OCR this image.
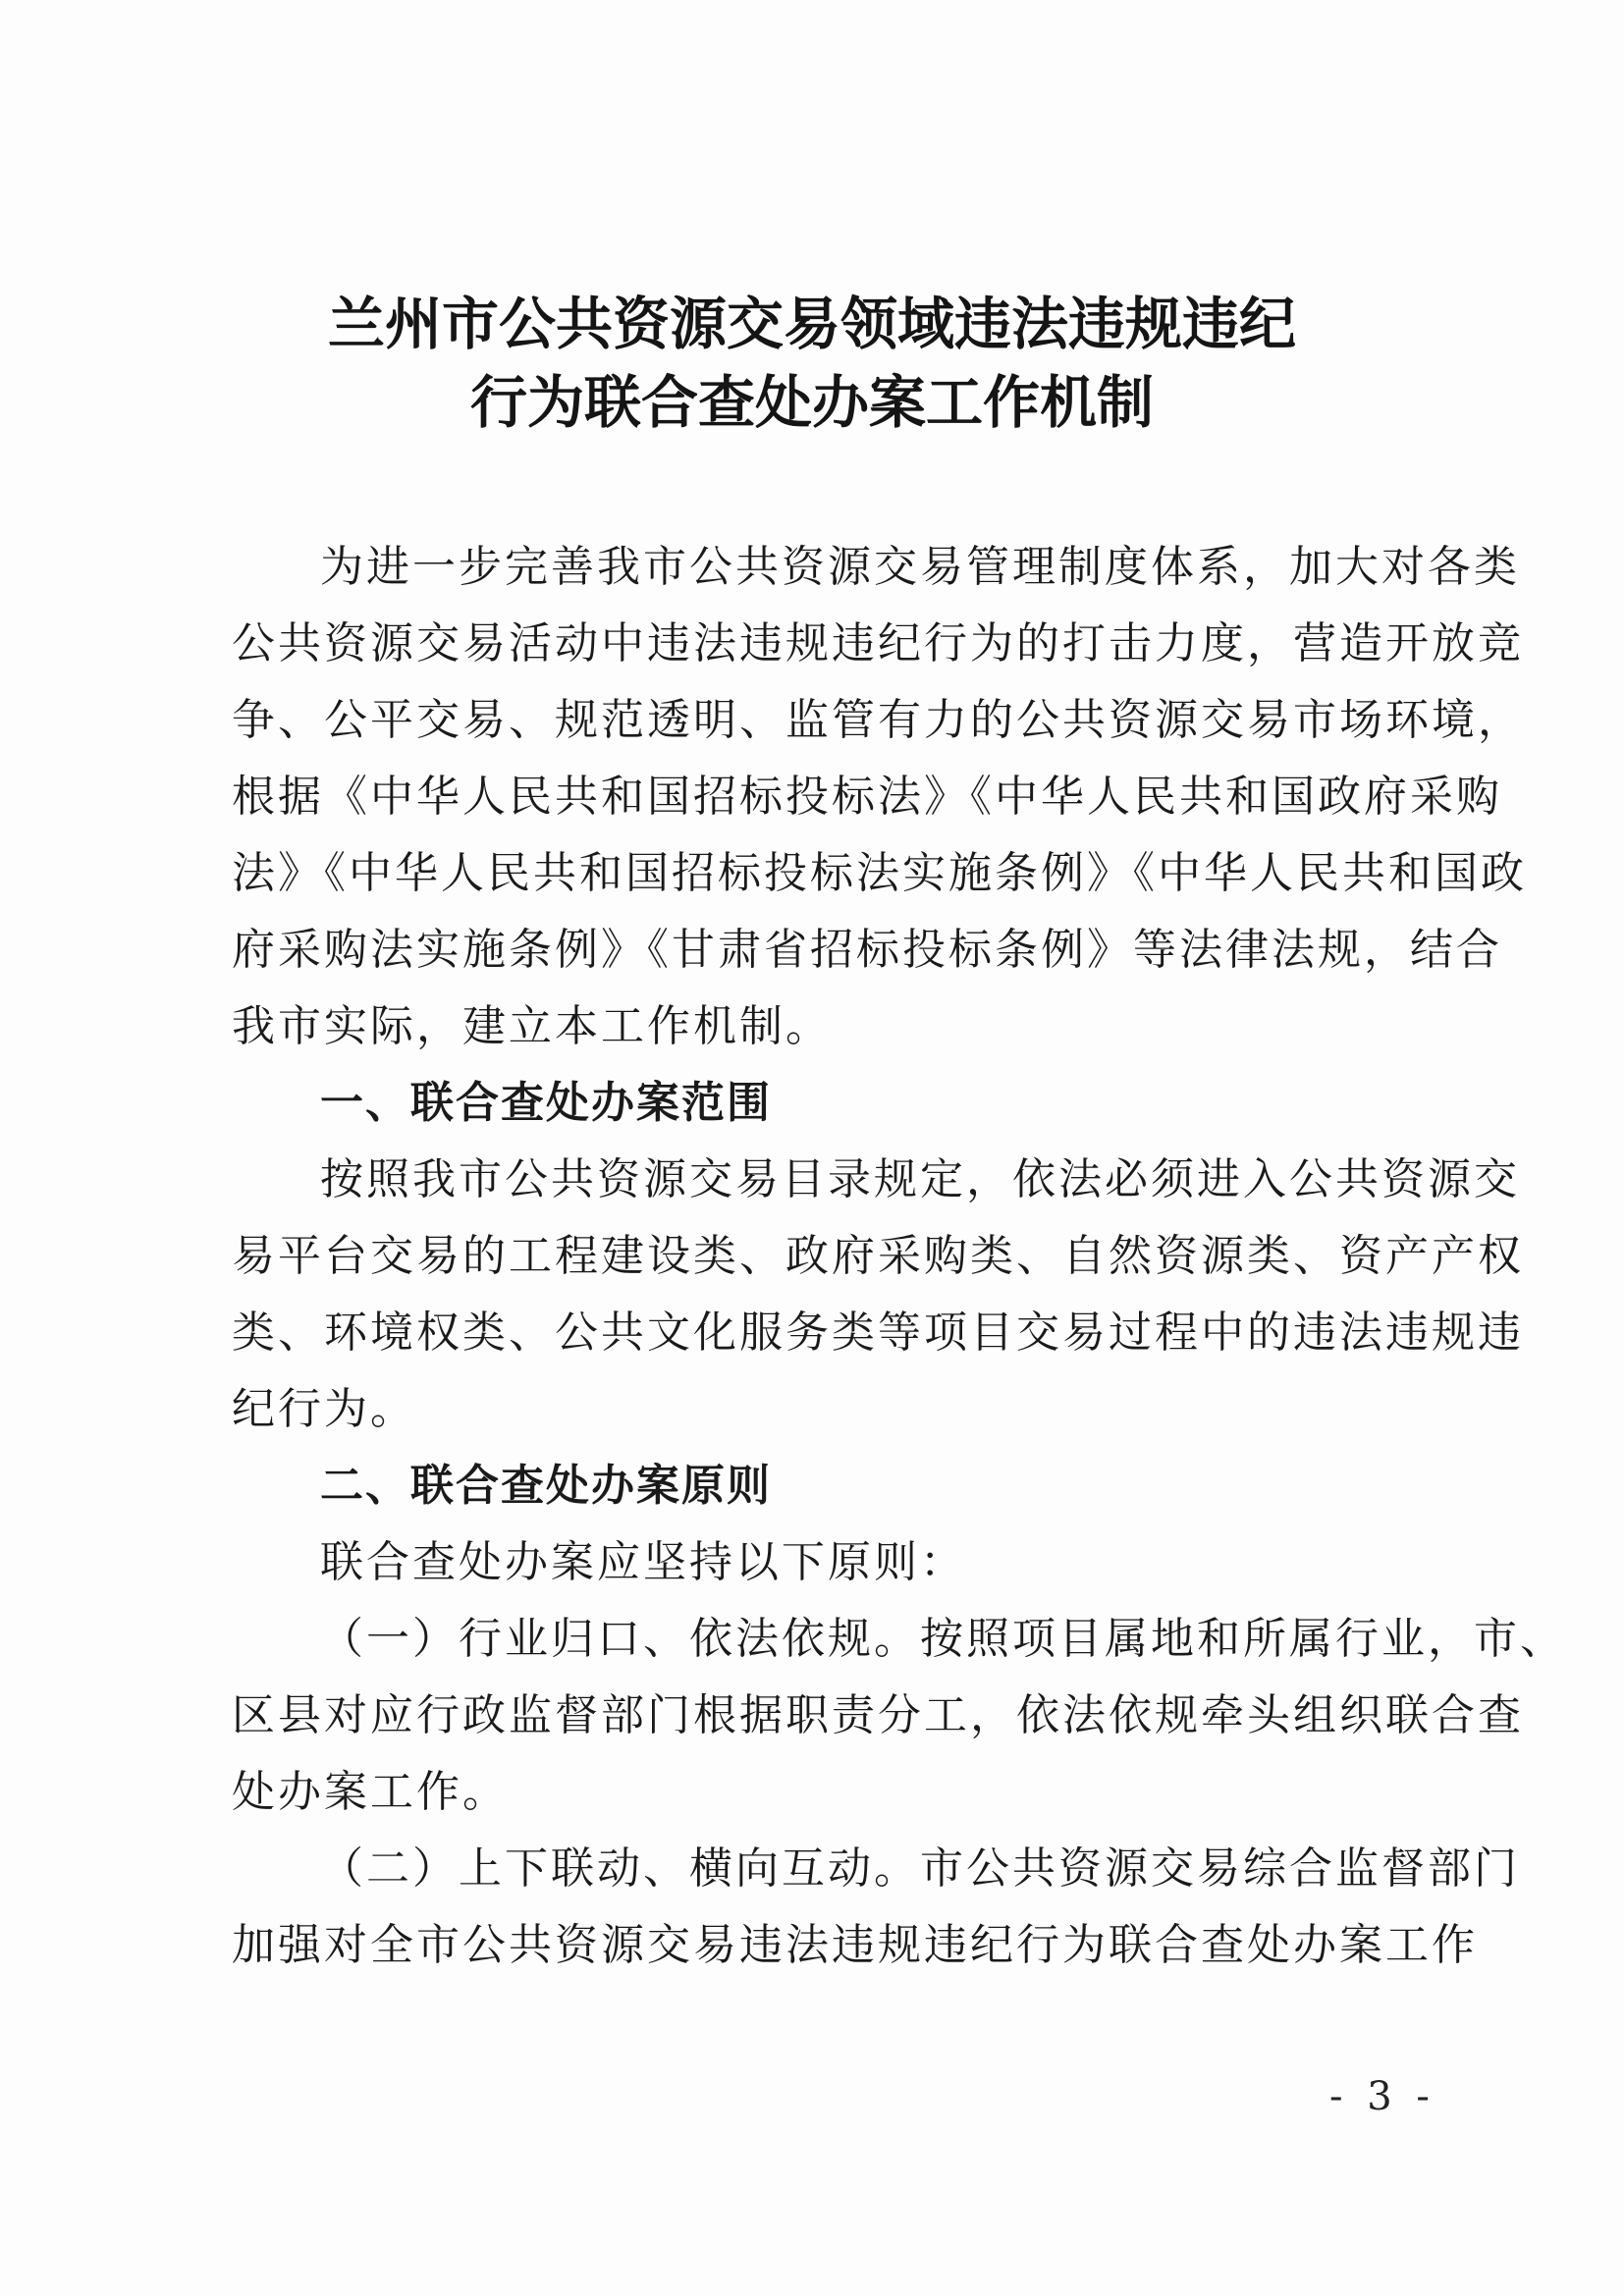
兰州市公共资源交易领域违法违规违纪
行为联合查处办案工作机制
为进一步完善我市公共资源交易管理制度体系，加大对各类
公共资源交易活动中违法违规违纪行为的打击力度，营造开放竞
争、公平交易、规范透明、监管有力的公共资源交易市场环境，
根据《中华人民共和国招标投标法》《中华人民共和国政府采购
法》《中华人民共和国招标投标法实施条例》《中华人民共和国政
府采购法实施条例》《甘肃省招标投标条例》等法律法规，结合
我市实际，建立本工作机制。
一、联合查处办案范围
按照我市公共资源交易目录规定，依法必须进入公共资源交
易平台交易的工程建设类、政府采购类、自然资源类、资产产权
类、环境权类、公共文化服务类等项目交易过程中的违法违规违
纪行为。
二、联合查处办案原则
联合查处办案应坚持以下原则：
（一）行业归口、依法依规。按照项目属地和所属行业，市、
区县对应行政监督部门根据职责分工，依法依规牵头组织联合查
处办案工作。
（二）上下联动、横向互动。市公共资源交易综合监督部门
加强对全市公共资源交易违法违规违纪行为联合查处办案工作
- 3 -
